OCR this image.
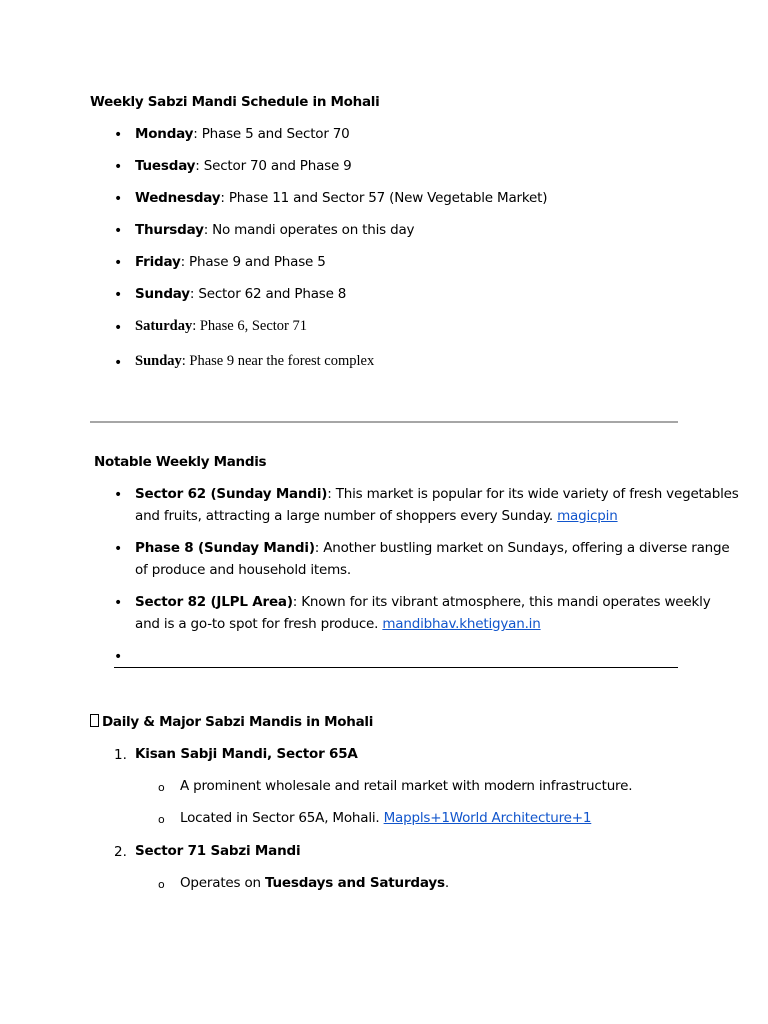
Weekly Sabzi Mandi Schedule in Mohali
• Monday: Phase 5 and Sector 70
• Tuesday: Sector 70 and Phase 9
• Wednesday: Phase 11 and Sector 57 (New Vegetable Market)
• Thursday: No mandi operates on this day
• Friday: Phase 9 and Phase 5
• Sunday: Sector 62 and Phase 8
• Saturday: Phase 6, Sector 71
• Sunday: Phase 9 near the forest complex
Notable Weekly Mandis
• Sector 62 (Sunday Mandi): This market is popular for its wide variety of fresh vegetables
and fruits, attracting a large number of shoppers every Sunday. magicpin
• Phase 8 (Sunday Mandi): Another bustling market on Sundays, offering a diverse range
of produce and household items.
• Sector 82 (JLPL Area): Known for its vibrant atmosphere, this mandi operates weekly
and is a go-to spot for fresh produce. mandibhav.khetigyan.in
•
Daily & Major Sabzi Mandis in Mohali
1. Kisan Sabji Mandi, Sector 65A
o A prominent wholesale and retail market with modern infrastructure.
o Located in Sector 65A, Mohali. Mappls+1World Architecture+1
2. Sector 71 Sabzi Mandi
o Operates on Tuesdays and Saturdays.
